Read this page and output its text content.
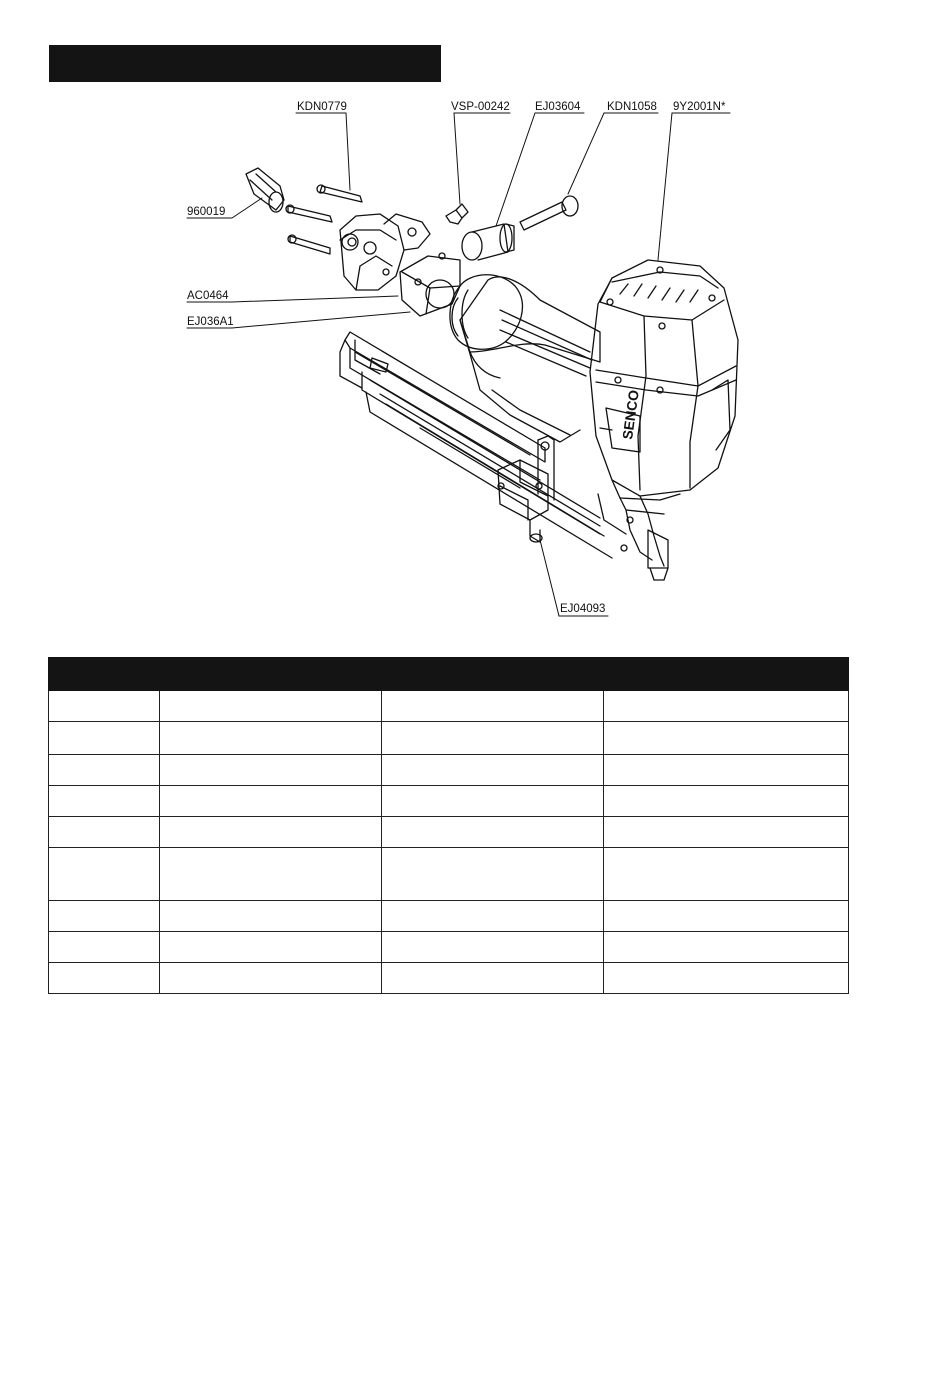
SENCO
KDN0779	VSP-00242 EJ03604 KDN1058 9Y2001N*
960019
AC0464
EJ036A1
EJ04093
